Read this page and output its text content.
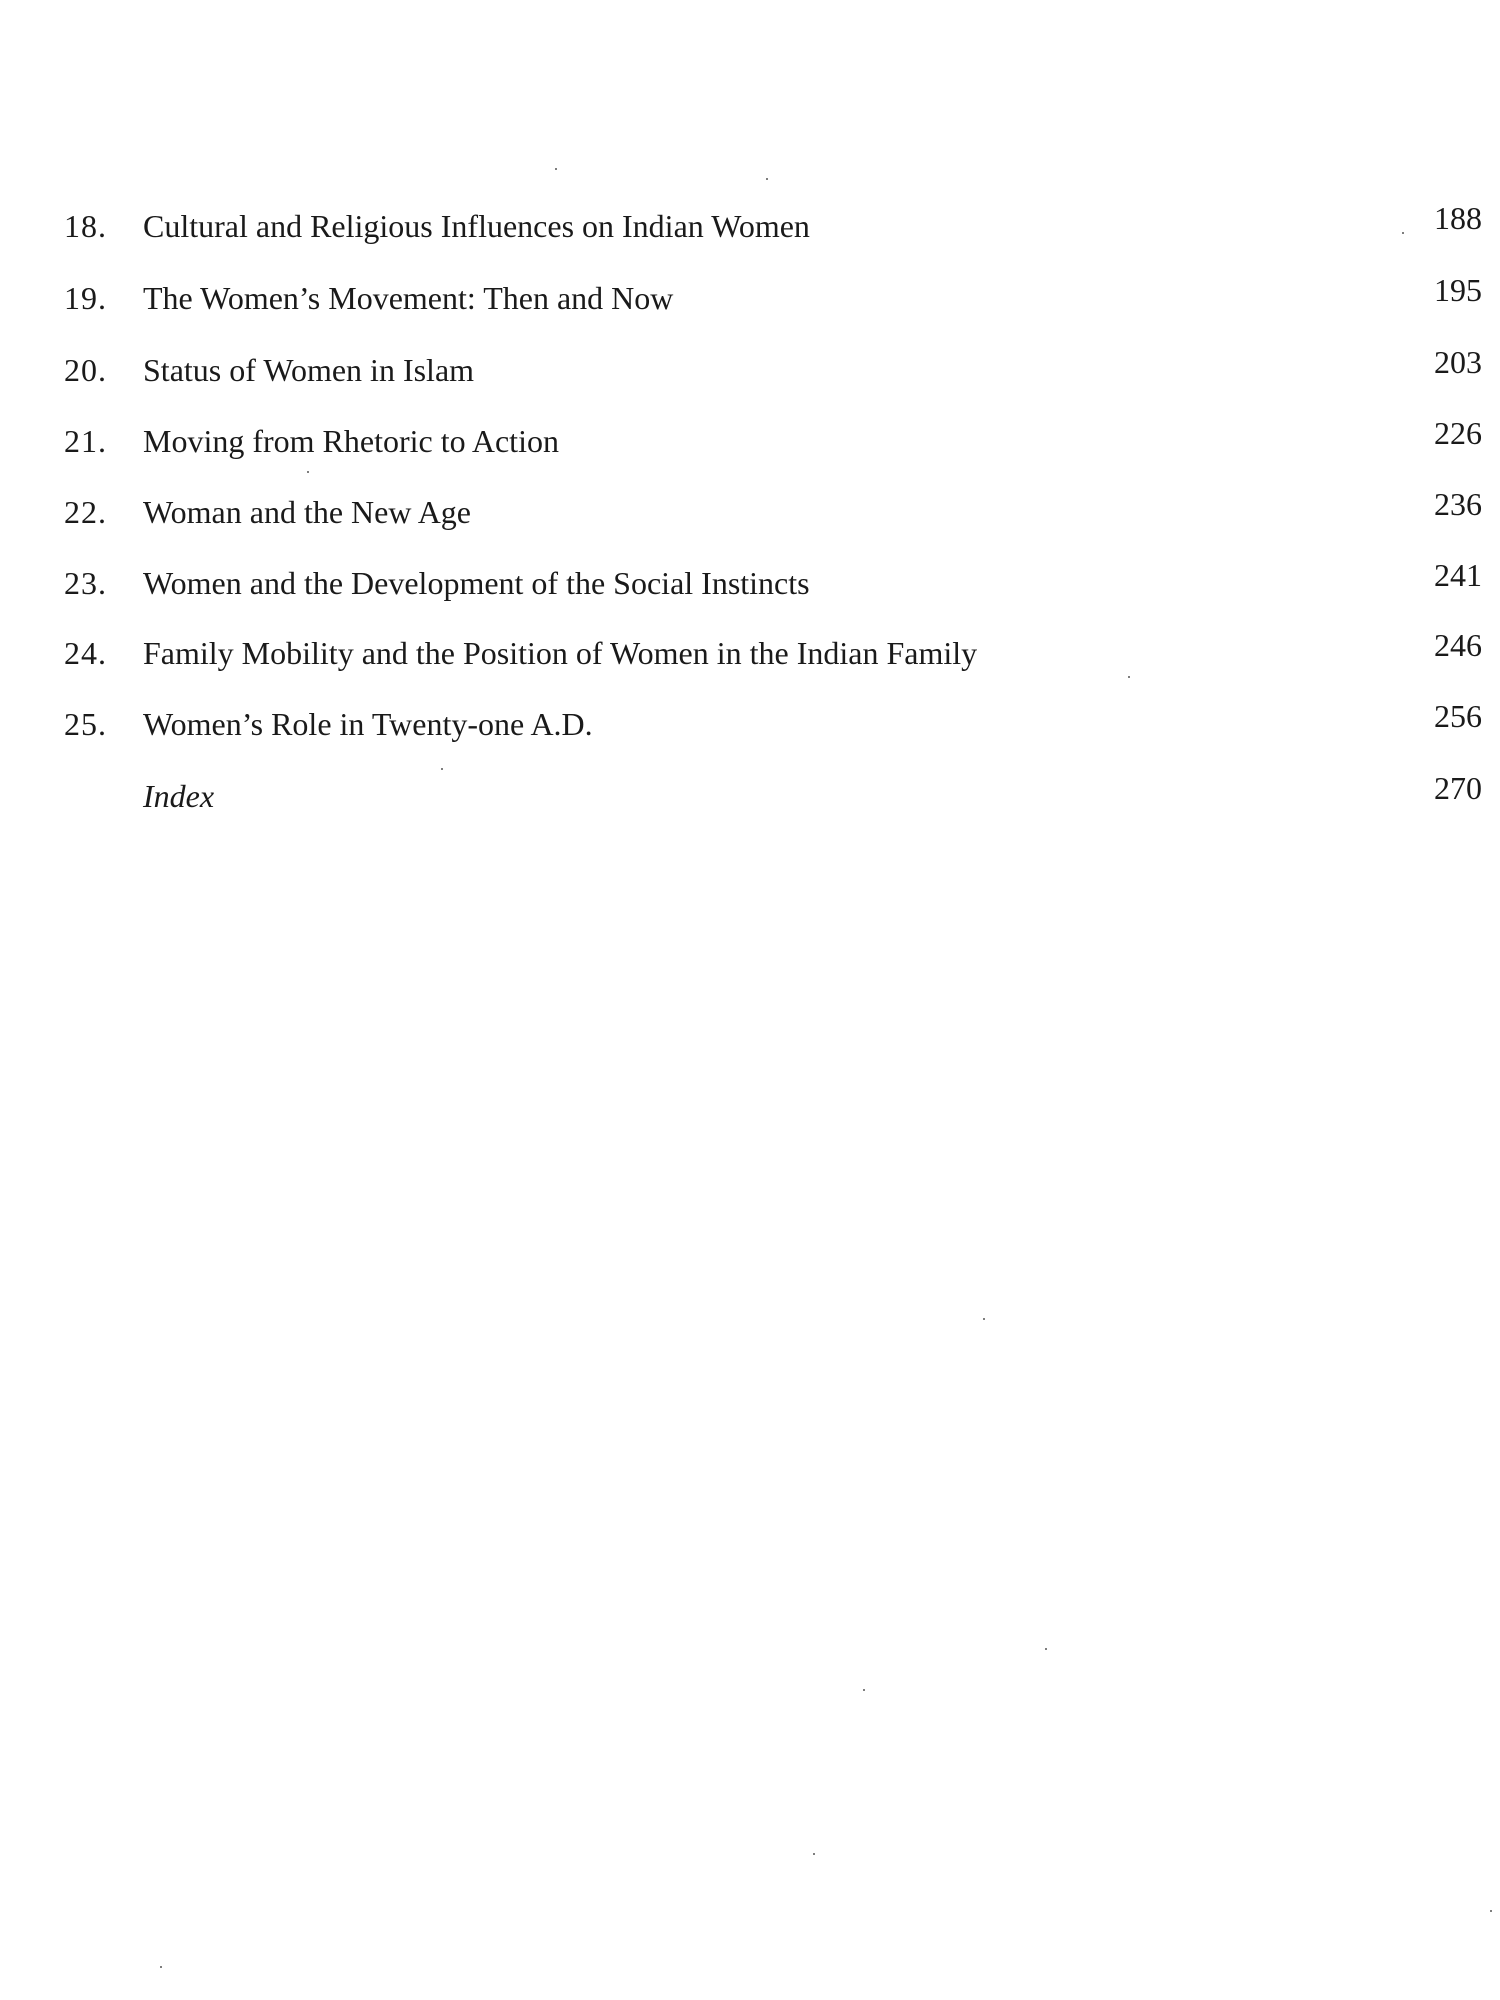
18. Cultural and Religious Influences on Indian Women	188
19. The Women’s Movement: Then and Now	195
20. Status of Women in Islam	203
21. Moving from Rhetoric to Action	226
22. Woman and the New Age	236
23. Women and the Development of the Social Instincts	241
24. Family Mobility and the Position of Women in the Indian Family	246
25. Women’s Role in Twenty-one A.D.	256
Index	270
